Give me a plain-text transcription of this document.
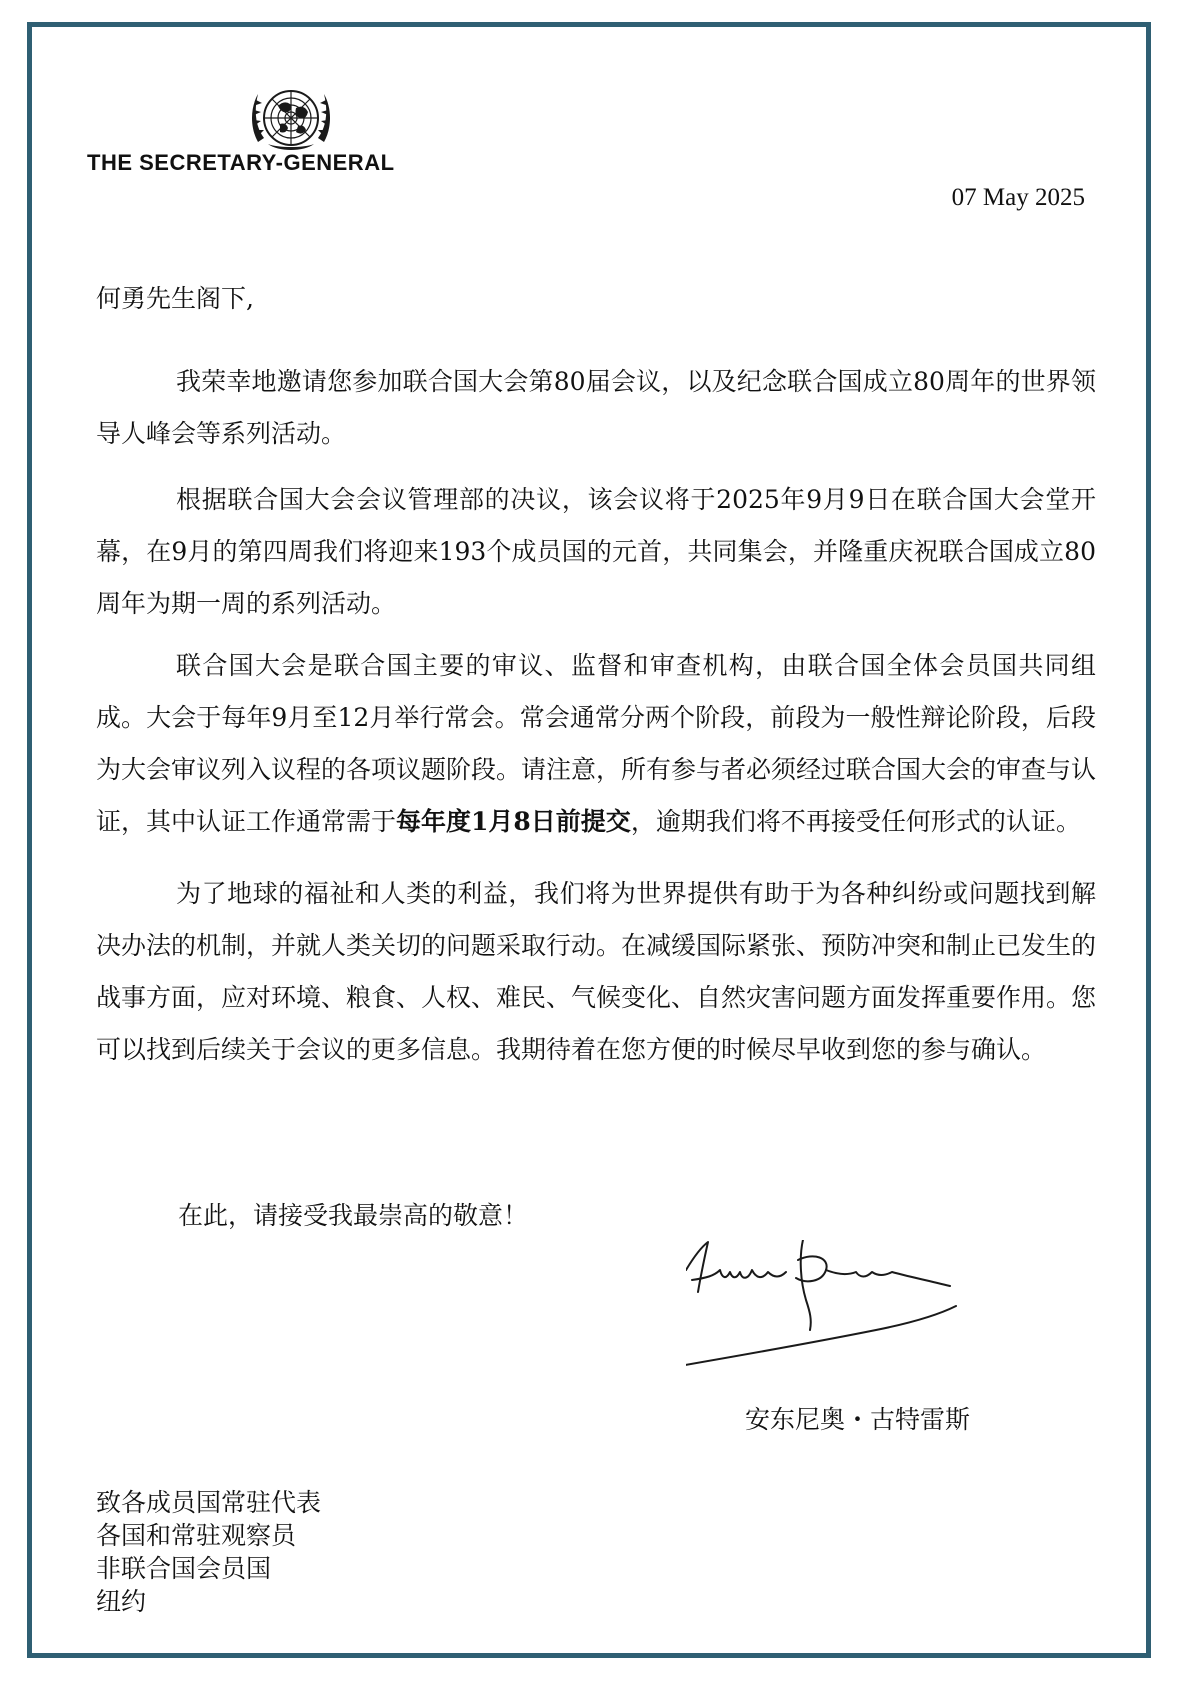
THE SECRETARY-GENERAL
07 May 2025
何勇先生阁下,

我荣幸地邀请您参加联合国大会第80届会议，以及纪念联合国成立80周年的世界领导人峰会等系列活动。

根据联合国大会会议管理部的决议，该会议将于2025年9月9日在联合国大会堂开幕，在9月的第四周我们将迎来193个成员国的元首，共同集会，并隆重庆祝联合国成立80周年为期一周的系列活动。

联合国大会是联合国主要的审议、监督和审查机构，由联合国全体会员国共同组成。大会于每年9月至12月举行常会。常会通常分两个阶段，前段为一般性辩论阶段，后段为大会审议列入议程的各项议题阶段。请注意，所有参与者必须经过联合国大会的审查与认证，其中认证工作通常需于每年度1月8日前提交，逾期我们将不再接受任何形式的认证。

为了地球的福祉和人类的利益，我们将为世界提供有助于为各种纠纷或问题找到解决办法的机制，并就人类关切的问题采取行动。在减缓国际紧张、预防冲突和制止已发生的战事方面，应对环境、粮食、人权、难民、气候变化、自然灾害问题方面发挥重要作用。您可以找到后续关于会议的更多信息。我期待着在您方便的时候尽早收到您的参与确认。

在此，请接受我最崇高的敬意！
安东尼奥・古特雷斯
致各成员国常驻代表
各国和常驻观察员
非联合国会员国
纽约
